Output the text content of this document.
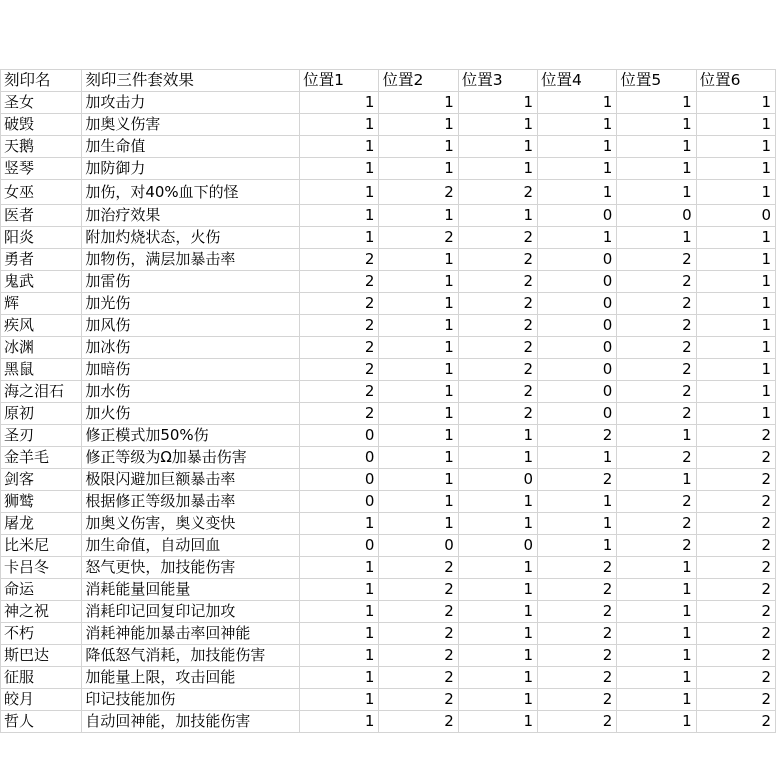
刻印名	刻印三件套效果	位置1	位置2	位置3	位置4	位置5	位置6
圣女	加攻击力	1	1	1	1	1	1
破毁	加奥义伤害	1	1	1	1	1	1
天鹅	加生命值	1	1	1	1	1	1
竖琴	加防御力	1	1	1	1	1	1
女巫	加伤，对40%血下的怪	1	2	2	1	1	1
医者	加治疗效果	1	1	1	0	0	0
阳炎	附加灼烧状态，火伤	1	2	2	1	1	1
勇者	加物伤，满层加暴击率	2	1	2	0	2	1
鬼武	加雷伤	2	1	2	0	2	1
辉	加光伤	2	1	2	0	2	1
疾风	加风伤	2	1	2	0	2	1
冰渊	加冰伤	2	1	2	0	2	1
黑鼠	加暗伤	2	1	2	0	2	1
海之泪石	加水伤	2	1	2	0	2	1
原初	加火伤	2	1	2	0	2	1
圣刃	修正模式加50%伤	0	1	1	2	1	2
金羊毛	修正等级为Ω加暴击伤害	0	1	1	1	2	2
剑客	极限闪避加巨额暴击率	0	1	0	2	1	2
狮鹫	根据修正等级加暴击率	0	1	1	1	2	2
屠龙	加奥义伤害，奥义变快	1	1	1	1	2	2
比米尼	加生命值，自动回血	0	0	0	1	2	2
卡吕冬	怒气更快，加技能伤害	1	2	1	2	1	2
命运	消耗能量回能量	1	2	1	2	1	2
神之祝	消耗印记回复印记加攻	1	2	1	2	1	2
不朽	消耗神能加暴击率回神能	1	2	1	2	1	2
斯巴达	降低怒气消耗，加技能伤害	1	2	1	2	1	2
征服	加能量上限，攻击回能	1	2	1	2	1	2
皎月	印记技能加伤	1	2	1	2	1	2
哲人	自动回神能，加技能伤害	1	2	1	2	1	2
